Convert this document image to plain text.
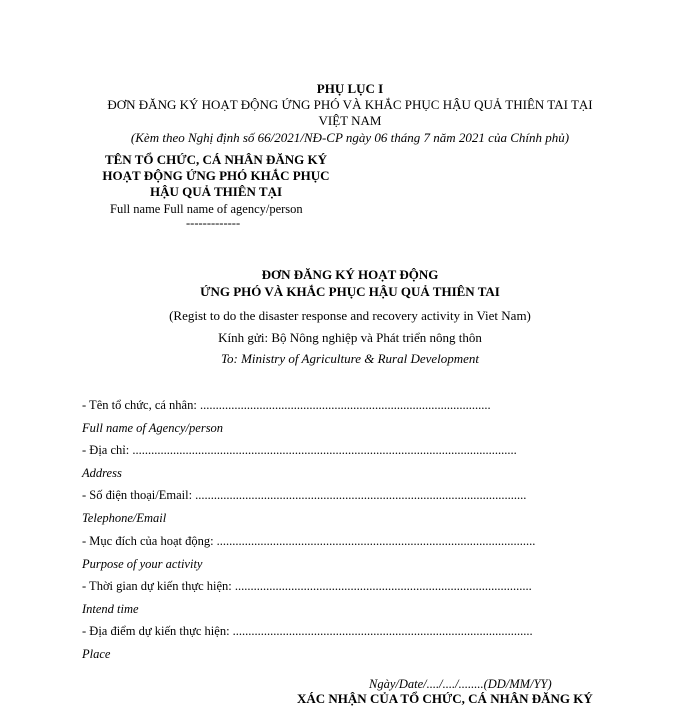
PHỤ LỤC I
ĐƠN ĐĂNG KÝ HOẠT ĐỘNG ỨNG PHÓ VÀ KHẮC PHỤC HẬU QUẢ THIÊN TAI TẠI
VIỆT NAM
(Kèm theo Nghị định số 66/2021/NĐ-CP ngày 06 tháng 7 năm 2021 của Chính phủ)
TÊN TỔ CHỨC, CÁ NHÂN ĐĂNG KÝ
HOẠT ĐỘNG ỨNG PHÓ KHẮC PHỤC
HẬU QUẢ THIÊN TẠI
Full name Full name of agency/person
-------------
ĐƠN ĐĂNG KÝ HOẠT ĐỘNG
ỨNG PHÓ VÀ KHẮC PHỤC HẬU QUẢ THIÊN TAI
(Regist to do the disaster response and recovery activity in Viet Nam)
Kính gửi: Bộ Nông nghiệp và Phát triển nông thôn
To: Ministry of Agriculture & Rural Development
- Tên tổ chức, cá nhân: .............................................................................................
Full name of Agency/person
- Địa chỉ: ...........................................................................................................................
Address
- Số điện thoại/Email: ..........................................................................................................
Telephone/Email
- Mục đích của hoạt động: ......................................................................................................
Purpose of your activity
- Thời gian dự kiến thực hiện: ...............................................................................................
Intend time
- Địa điểm dự kiến thực hiện: ................................................................................................
Place
Ngày/Date/..../..../........(DD/MM/YY)
XÁC NHẬN CỦA TỔ CHỨC, CÁ NHÂN ĐĂNG KÝ
